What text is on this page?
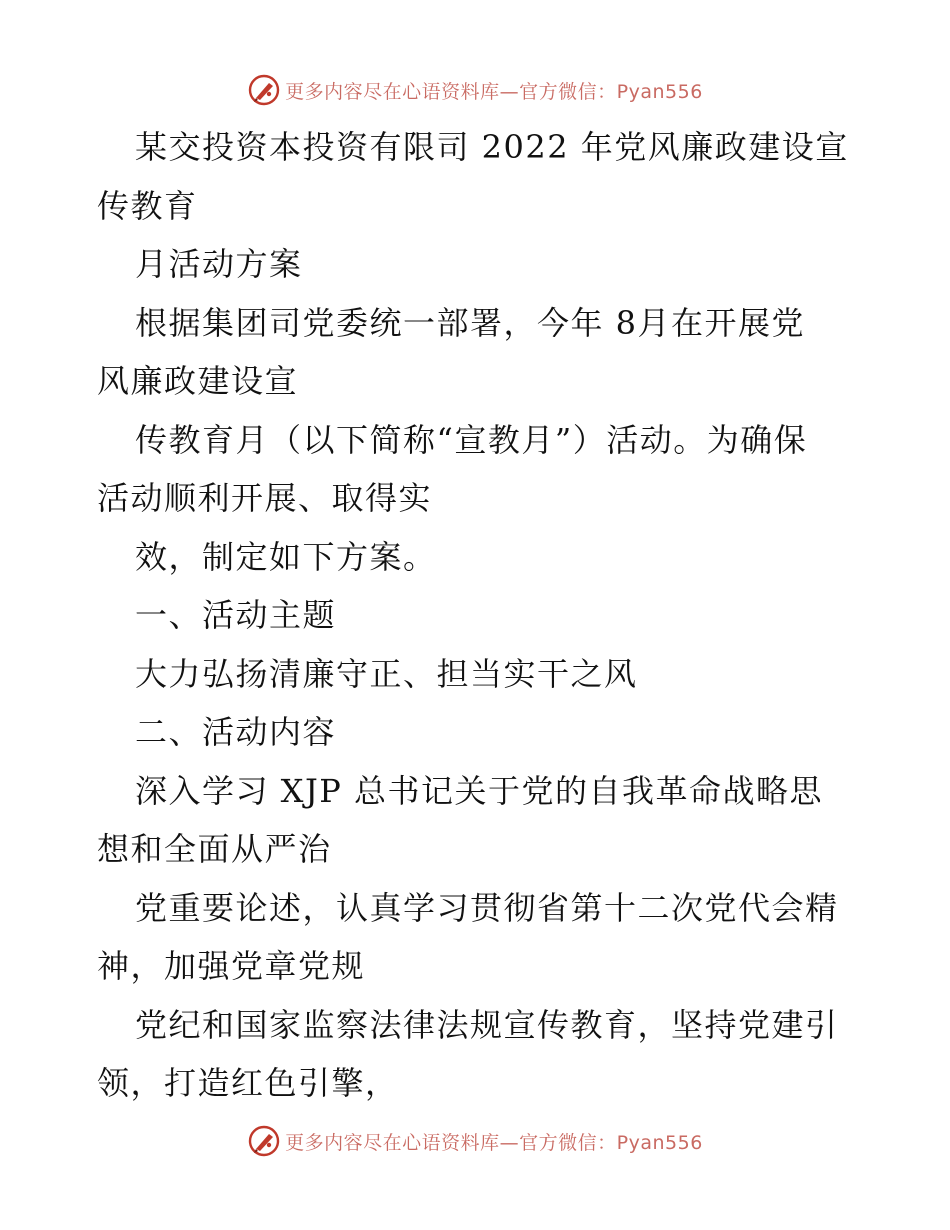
更多内容尽在心语资料库—官方微信：Pyan556
某交投资本投资有限司 2022 年党风廉政建设宣
传教育
月活动方案
根据集团司党委统一部署，今年 8月在开展党
风廉政建设宣
传教育月（以下简称“宣教月”）活动。为确保
活动顺利开展、取得实
效，制定如下方案。
一、活动主题
大力弘扬清廉守正、担当实干之风
二、活动内容
深入学习 XJP 总书记关于党的自我革命战略思
想和全面从严治
党重要论述，认真学习贯彻省第十二次党代会精
神，加强党章党规
党纪和国家监察法律法规宣传教育，坚持党建引
领，打造红色引擎，
更多内容尽在心语资料库—官方微信：Pyan556
